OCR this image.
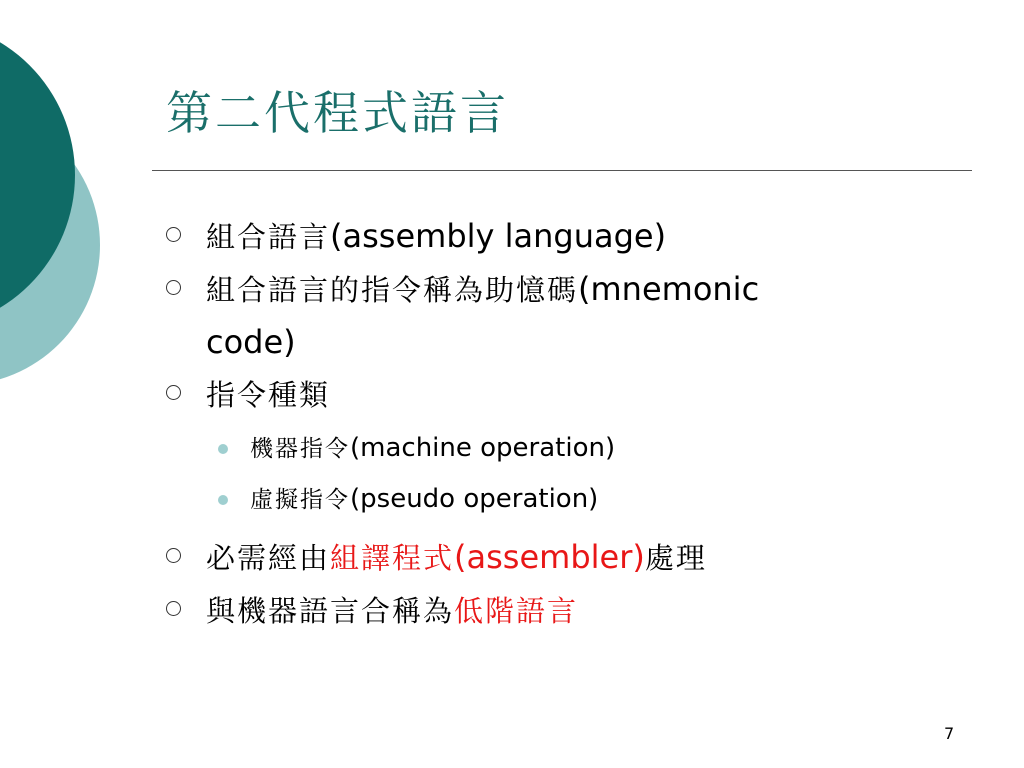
第二代程式語言
組合語言(assembly language)
組合語言的指令稱為助憶碼(mnemonic
code)
指令種類
機器指令(machine operation)
虛擬指令(pseudo operation)
必需經由組譯程式(assembler)處理
與機器語言合稱為低階語言
7
